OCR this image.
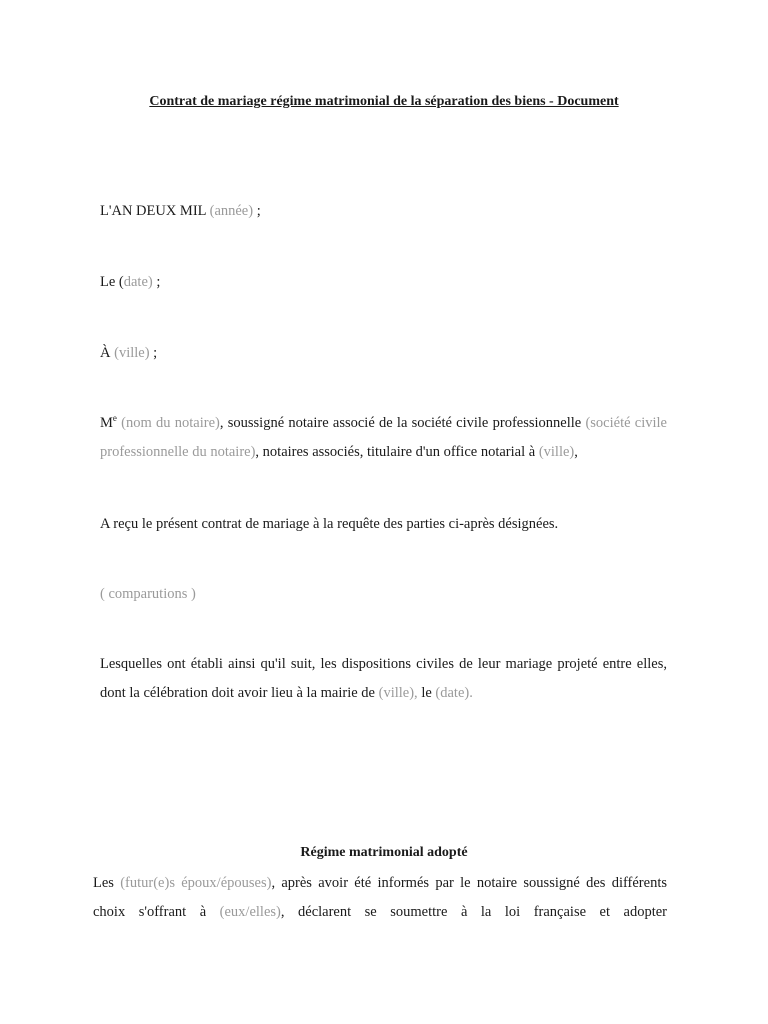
Contrat de mariage régime matrimonial de la séparation des biens - Document
L'AN DEUX MIL (année) ;
Le (date) ;
À (ville) ;
Me (nom du notaire), soussigné notaire associé de la société civile professionnelle (société civile professionnelle du notaire), notaires associés, titulaire d'un office notarial à (ville),
A reçu le présent contrat de mariage à la requête des parties ci-après désignées.
( comparutions )
Lesquelles ont établi ainsi qu'il suit, les dispositions civiles de leur mariage projeté entre elles, dont la célébration doit avoir lieu à la mairie de (ville), le (date).
Régime matrimonial adopté
Les (futur(e)s époux/épouses), après avoir été informés par le notaire soussigné des différents choix s'offrant à (eux/elles), déclarent se soumettre à la loi française et adopter
